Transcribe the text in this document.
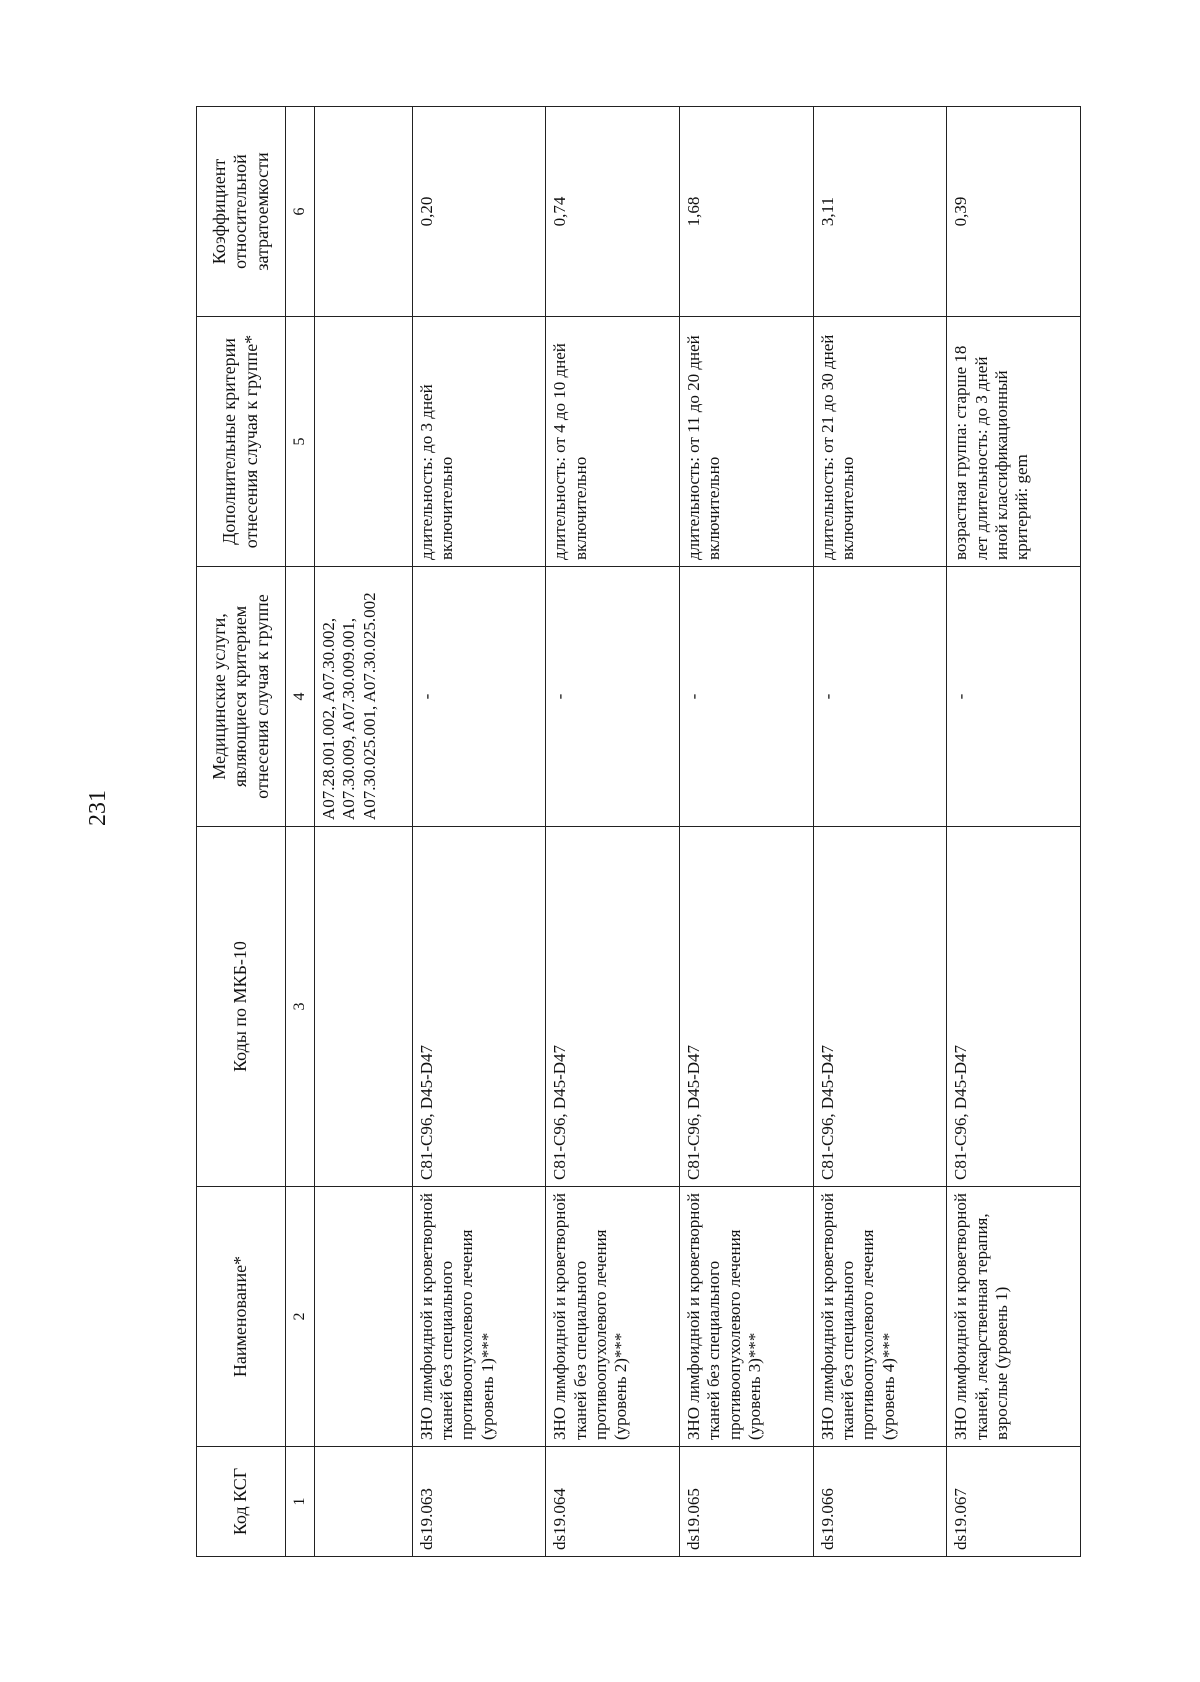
231
Код КСГ	Наименование*	Коды по МКБ-10	Медицинские услуги, являющиеся критерием отнесения случая к группе	Дополнительные критерии отнесения случая к группе*	Коэффициент относительной затратоемкости
1	2	3	4	5	6
			A07.28.001.002, A07.30.002, A07.30.009, A07.30.009.001, A07.30.025.001, A07.30.025.002		
ds19.063	ЗНО лимфоидной и кроветворной тканей без специального противоопухолевого лечения (уровень 1)***	C81-C96, D45-D47	-	длительность: до 3 дней включительно	0,20
ds19.064	ЗНО лимфоидной и кроветворной тканей без специального противоопухолевого лечения (уровень 2)***	C81-C96, D45-D47	-	длительность: от 4 до 10 дней включительно	0,74
ds19.065	ЗНО лимфоидной и кроветворной тканей без специального противоопухолевого лечения (уровень 3)***	C81-C96, D45-D47	-	длительность: от 11 до 20 дней включительно	1,68
ds19.066	ЗНО лимфоидной и кроветворной тканей без специального противоопухолевого лечения (уровень 4)***	C81-C96, D45-D47	-	длительность: от 21 до 30 дней включительно	3,11
ds19.067	ЗНО лимфоидной и кроветворной тканей, лекарственная терапия, взрослые (уровень 1)	C81-C96, D45-D47	-	возрастная группа: старше 18 лет длительность: до 3 дней иной классификационный критерий: gem	0,39
